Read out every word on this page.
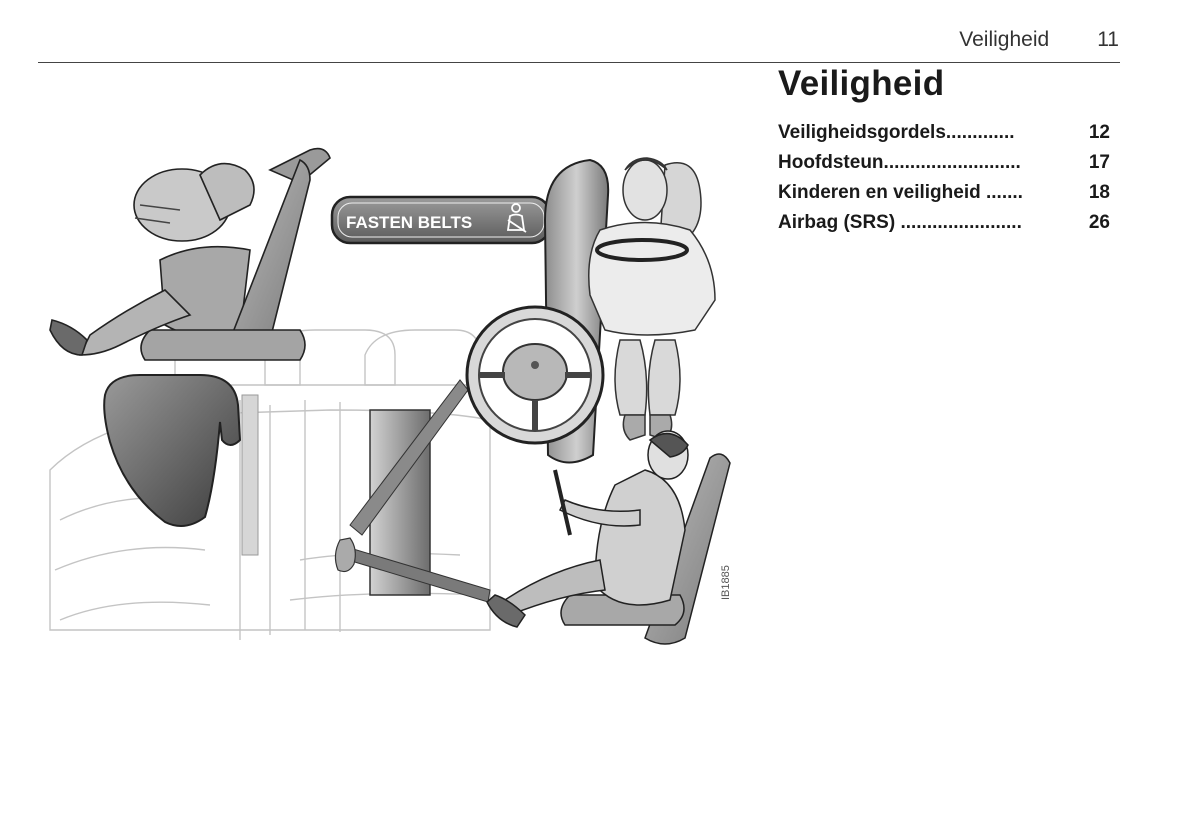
Veiligheid 11
Veiligheid
Veiligheidsgordels.............	12
Hoofdsteun..........................	17
Kinderen en veiligheid .......	18
Airbag (SRS) .......................	26
FASTEN BELTS
IB1885
